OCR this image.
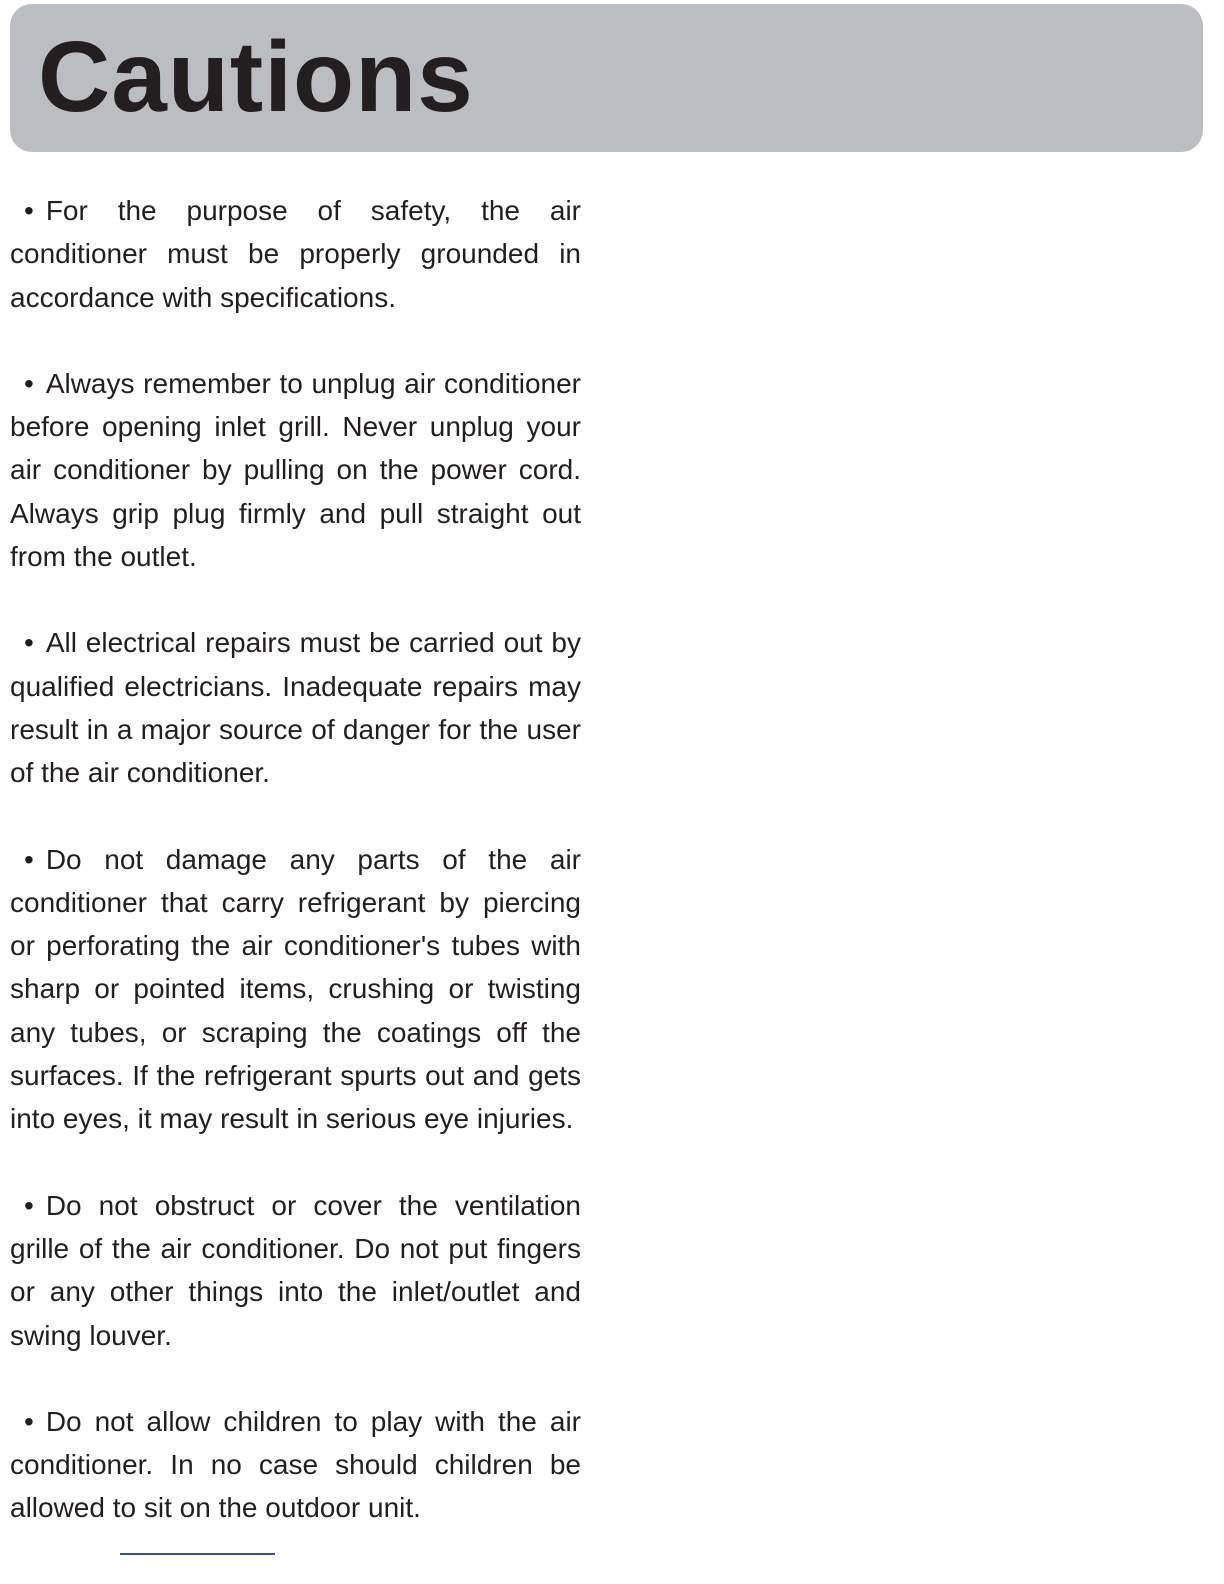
Cautions
• For the purpose of safety, the air conditioner must be properly grounded in accordance with specifications.
• Always remember to unplug air conditioner before opening inlet grill. Never unplug your air conditioner by pulling on the power cord. Always grip plug firmly and pull straight out from the outlet.
• All electrical repairs must be carried out by qualified electricians. Inadequate repairs may result in a major source of danger for the user of the air conditioner.
• Do not damage any parts of the air conditioner that carry refrigerant by piercing or perforating the air conditioner's tubes with sharp or pointed items, crushing or twisting any tubes, or scraping the coatings off the surfaces. If the refrigerant spurts out and gets into eyes, it may result in serious eye injuries.
• Do not obstruct or cover the ventilation grille of the air conditioner. Do not put fingers or any other things into the inlet/outlet and swing louver.
• Do not allow children to play with the air conditioner. In no case should children be allowed to sit on the outdoor unit.
